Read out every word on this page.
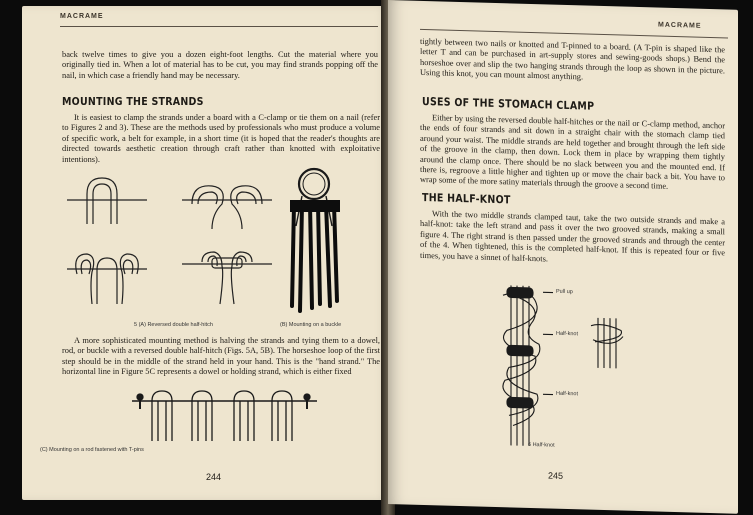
MACRAME

back twelve times to give you a dozen eight-foot lengths. Cut the material where you originally tied in. When a lot of material has to be cut, you may find strands popping off the nail, in which case a friendly hand may be necessary.

MOUNTING THE STRANDS

It is easiest to clamp the strands under a board with a C-clamp or tie them on a nail (refer to Figures 2 and 3). These are the methods used by professionals who must produce a volume of specific work, a belt for example, in a short time (it is hoped that the reader's thoughts are directed towards aesthetic creation through craft rather than knotted with exploitative intentions).

5 (A) Reversed double half-hitch	(B) Mounting on a buckle

A more sophisticated mounting method is halving the strands and tying them to a dowel, rod, or buckle with a reversed double half-hitch (Figs. 5A, 5B). The horseshoe loop of the first step should be in the middle of the strand held in your hand. This is the "hand strand." The horizontal line in Figure 5C represents a dowel or holding strand, which is either fixed

(C) Mounting on a rod fastened with T-pins
244
MACRAME

tightly between two nails or knotted and T-pinned to a board. (A T-pin is shaped like the letter T and can be purchased in art-supply stores and sewing-goods shops.) Bend the horseshoe over and slip the two hanging strands through the loop as shown in the picture. Using this knot, you can mount almost anything.

USES OF THE STOMACH CLAMP

Either by using the reversed double half-hitches or the nail or C-clamp method, anchor the ends of four strands and sit down in a straight chair with the stomach clamp tied around your waist. The middle strands are held together and brought through the left side of the groove in the clamp, then down. Lock them in place by wrapping them tightly around the clamp once. There should be no slack between you and the mounted end. If there is, regroove a little higher and tighten up or move the chair back a bit. You have to wrap some of the more satiny materials through the groove a second time.

THE HALF-KNOT

With the two middle strands clamped taut, take the two outside strands and make a half-knot: take the left strand and pass it over the two grooved strands, making a small figure 4. The right strand is then passed under the grooved strands and through the center of the 4. When tightened, this is the completed half-knot. If this is repeated four or five times, you have a sinnet of half-knots.

Pull up
Half-knot
Half-knot
6 Half-knot
245
